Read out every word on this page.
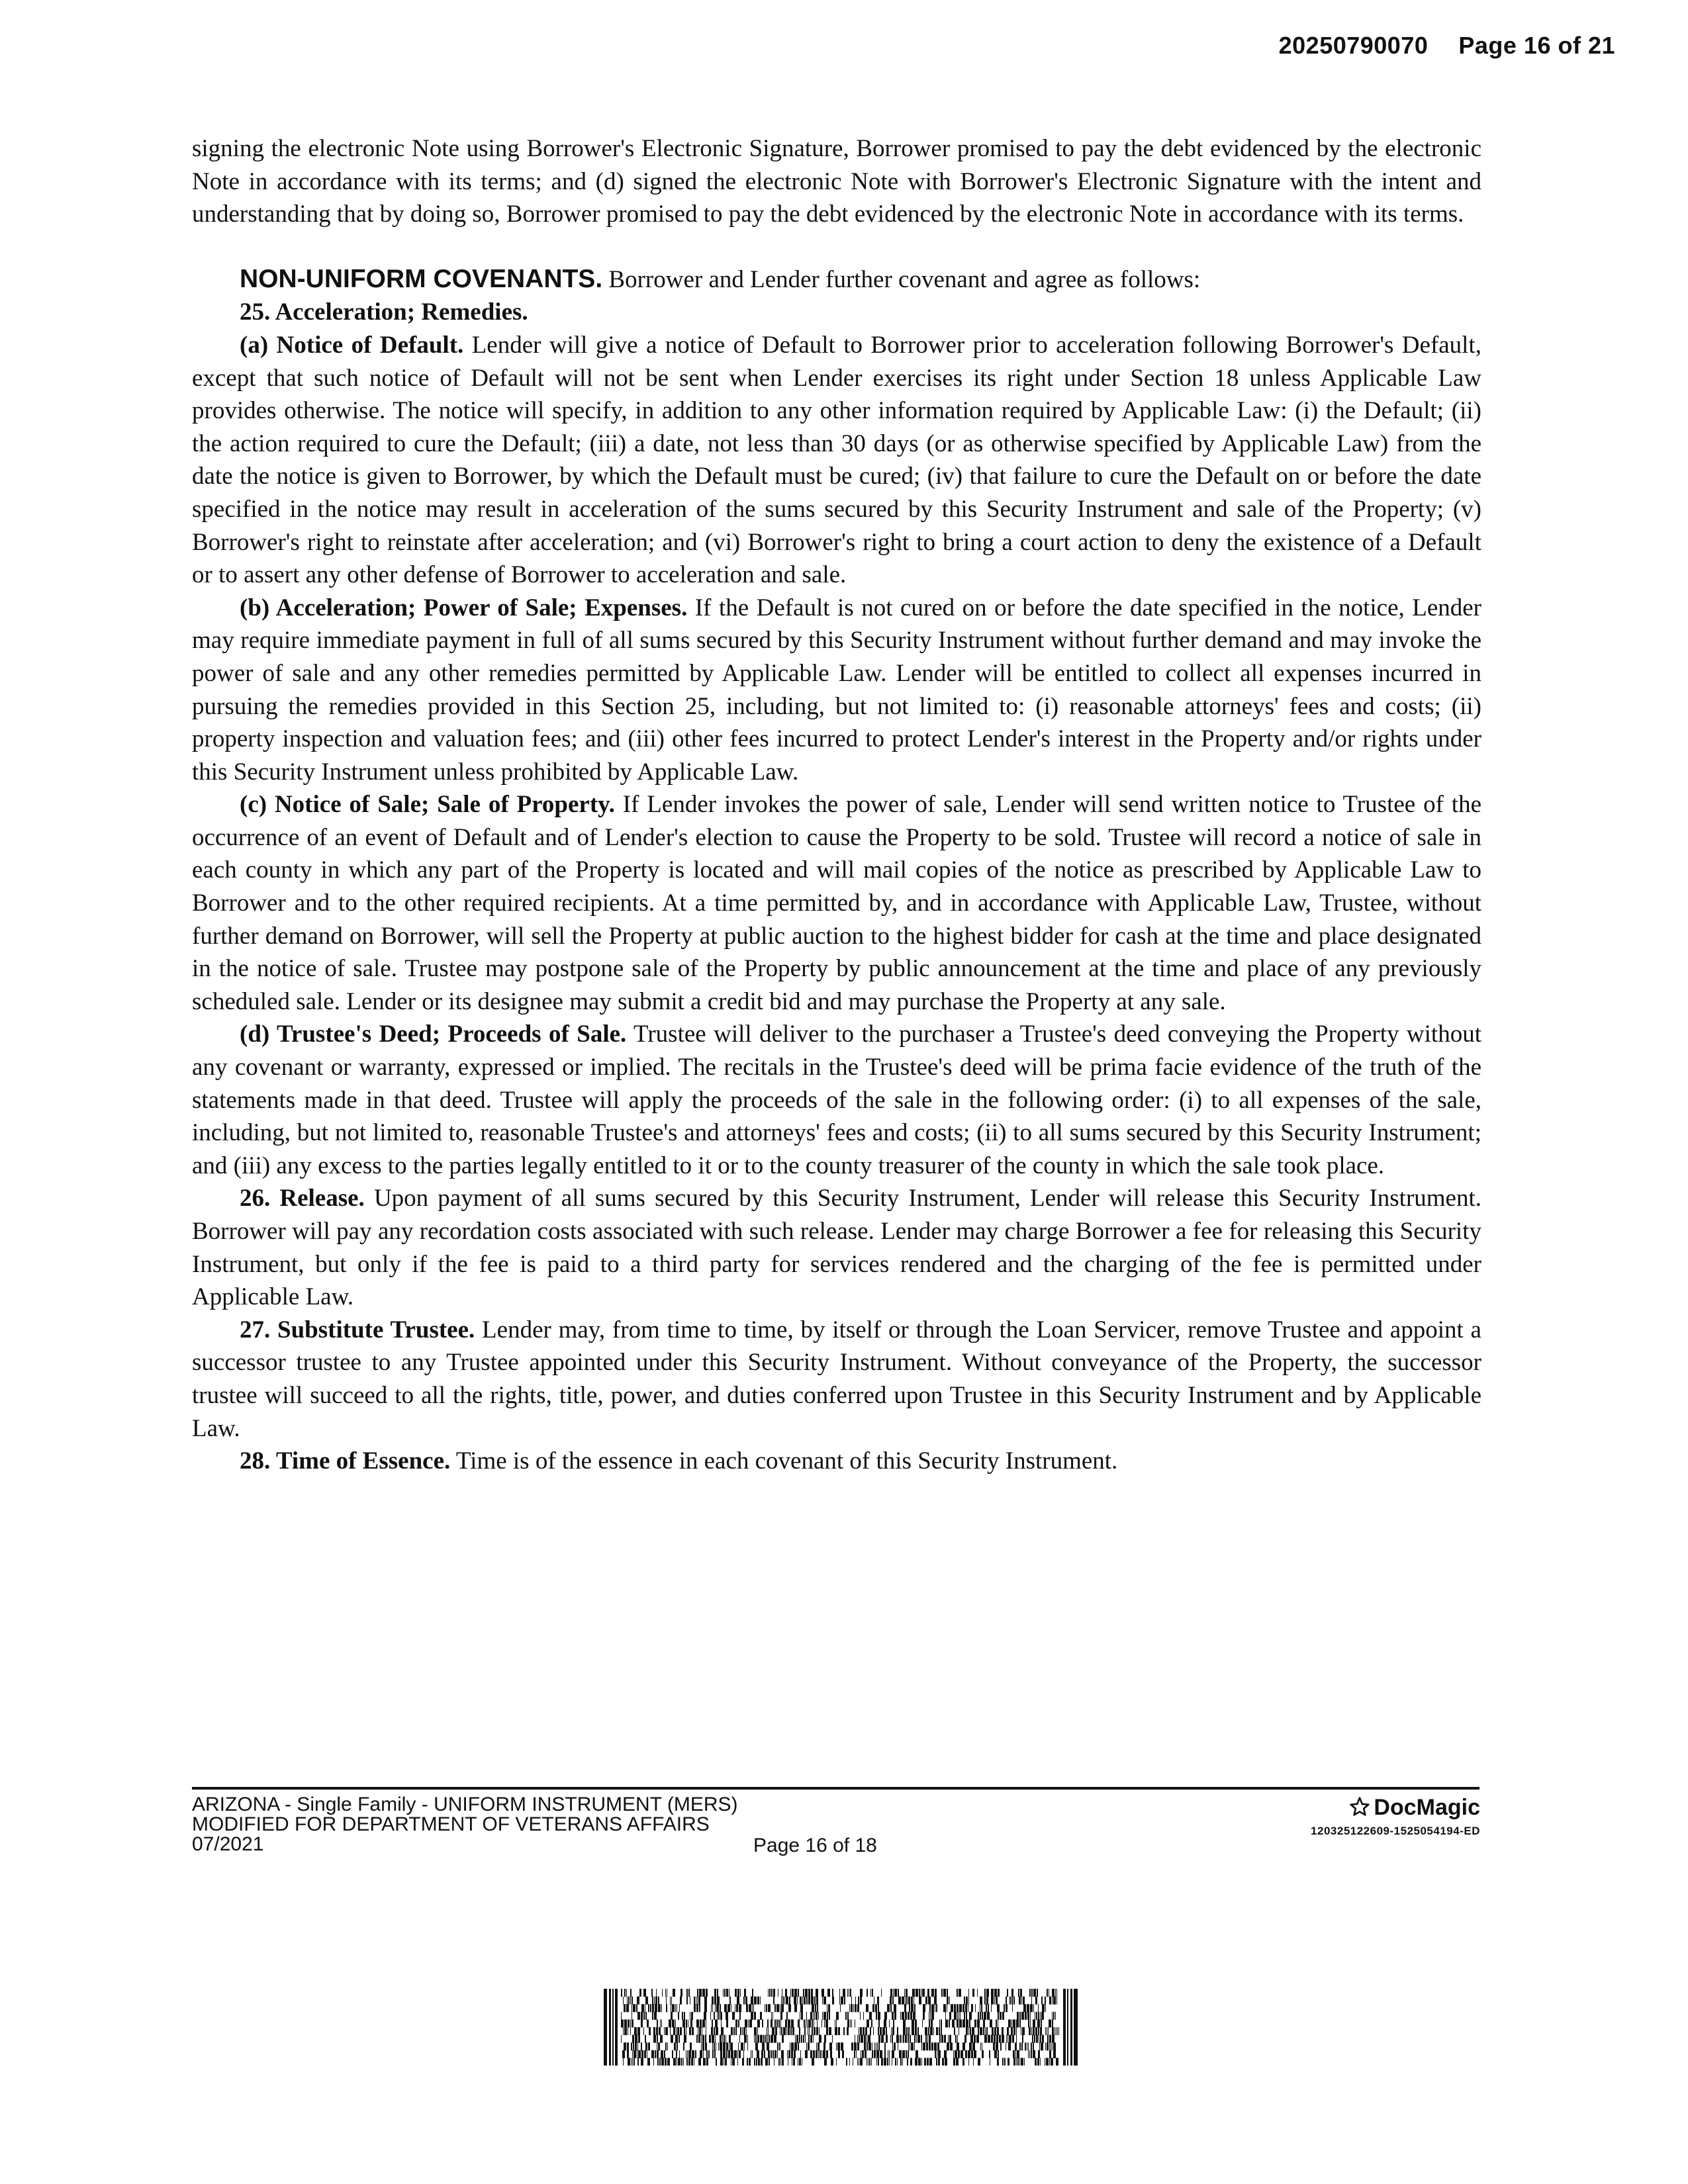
20250790070 Page 16 of 21

signing the electronic Note using Borrower's Electronic Signature, Borrower promised to pay the debt evidenced by the electronic Note in accordance with its terms; and (d) signed the electronic Note with Borrower's Electronic Signature with the intent and understanding that by doing so, Borrower promised to pay the debt evidenced by the electronic Note in accordance with its terms.

NON-UNIFORM COVENANTS. Borrower and Lender further covenant and agree as follows:

25. Acceleration; Remedies.

(a) Notice of Default. Lender will give a notice of Default to Borrower prior to acceleration following Borrower's Default, except that such notice of Default will not be sent when Lender exercises its right under Section 18 unless Applicable Law provides otherwise. The notice will specify, in addition to any other information required by Applicable Law: (i) the Default; (ii) the action required to cure the Default; (iii) a date, not less than 30 days (or as otherwise specified by Applicable Law) from the date the notice is given to Borrower, by which the Default must be cured; (iv) that failure to cure the Default on or before the date specified in the notice may result in acceleration of the sums secured by this Security Instrument and sale of the Property; (v) Borrower's right to reinstate after acceleration; and (vi) Borrower's right to bring a court action to deny the existence of a Default or to assert any other defense of Borrower to acceleration and sale.

(b) Acceleration; Power of Sale; Expenses. If the Default is not cured on or before the date specified in the notice, Lender may require immediate payment in full of all sums secured by this Security Instrument without further demand and may invoke the power of sale and any other remedies permitted by Applicable Law. Lender will be entitled to collect all expenses incurred in pursuing the remedies provided in this Section 25, including, but not limited to: (i) reasonable attorneys' fees and costs; (ii) property inspection and valuation fees; and (iii) other fees incurred to protect Lender's interest in the Property and/or rights under this Security Instrument unless prohibited by Applicable Law.

(c) Notice of Sale; Sale of Property. If Lender invokes the power of sale, Lender will send written notice to Trustee of the occurrence of an event of Default and of Lender's election to cause the Property to be sold. Trustee will record a notice of sale in each county in which any part of the Property is located and will mail copies of the notice as prescribed by Applicable Law to Borrower and to the other required recipients. At a time permitted by, and in accordance with Applicable Law, Trustee, without further demand on Borrower, will sell the Property at public auction to the highest bidder for cash at the time and place designated in the notice of sale. Trustee may postpone sale of the Property by public announcement at the time and place of any previously scheduled sale. Lender or its designee may submit a credit bid and may purchase the Property at any sale.

(d) Trustee's Deed; Proceeds of Sale. Trustee will deliver to the purchaser a Trustee's deed conveying the Property without any covenant or warranty, expressed or implied. The recitals in the Trustee's deed will be prima facie evidence of the truth of the statements made in that deed. Trustee will apply the proceeds of the sale in the following order: (i) to all expenses of the sale, including, but not limited to, reasonable Trustee's and attorneys' fees and costs; (ii) to all sums secured by this Security Instrument; and (iii) any excess to the parties legally entitled to it or to the county treasurer of the county in which the sale took place.

26. Release. Upon payment of all sums secured by this Security Instrument, Lender will release this Security Instrument. Borrower will pay any recordation costs associated with such release. Lender may charge Borrower a fee for releasing this Security Instrument, but only if the fee is paid to a third party for services rendered and the charging of the fee is permitted under Applicable Law.

27. Substitute Trustee. Lender may, from time to time, by itself or through the Loan Servicer, remove Trustee and appoint a successor trustee to any Trustee appointed under this Security Instrument. Without conveyance of the Property, the successor trustee will succeed to all the rights, title, power, and duties conferred upon Trustee in this Security Instrument and by Applicable Law.

28. Time of Essence. Time is of the essence in each covenant of this Security Instrument.

ARIZONA - Single Family - UNIFORM INSTRUMENT (MERS)
MODIFIED FOR DEPARTMENT OF VETERANS AFFAIRS
07/2021	Page 16 of 18
DocMagic
120325122609-1525054194-ED
